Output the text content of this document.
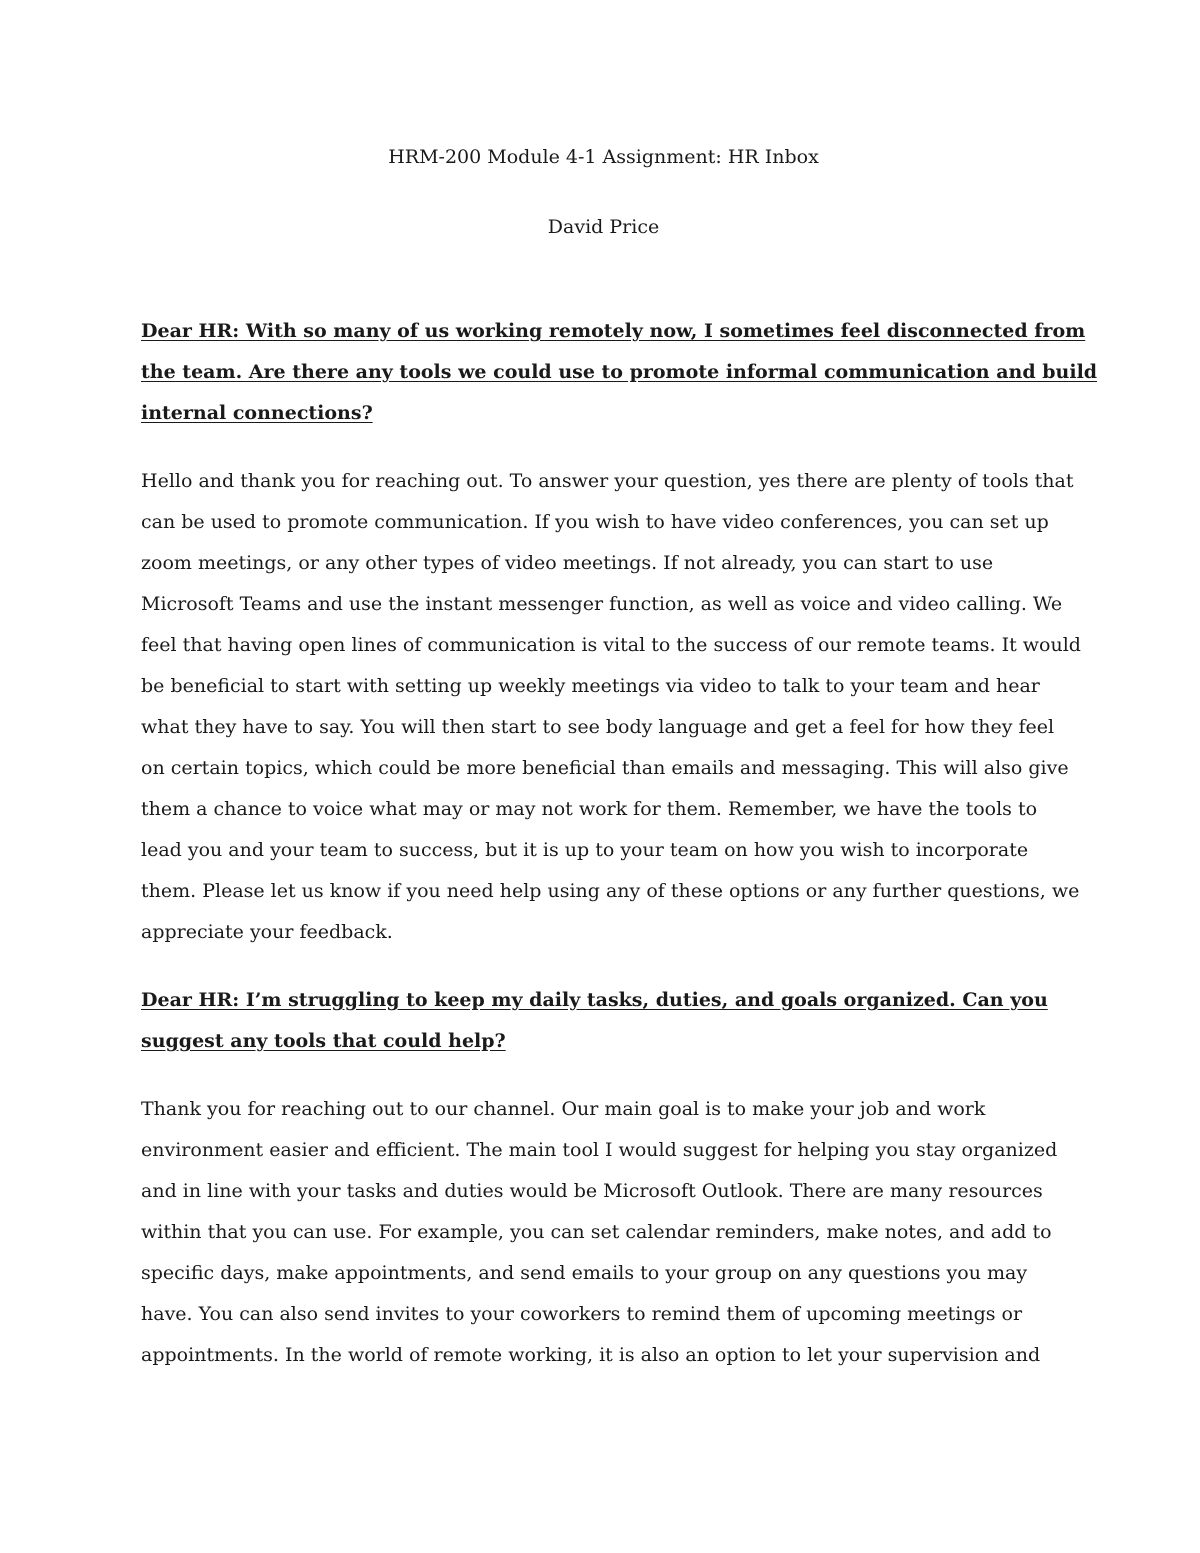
HRM-200 Module 4-1 Assignment: HR Inbox

David Price

Dear HR: With so many of us working remotely now, I sometimes feel disconnected from
the team. Are there any tools we could use to promote informal communication and build
internal connections?

Hello and thank you for reaching out. To answer your question, yes there are plenty of tools that
can be used to promote communication. If you wish to have video conferences, you can set up
zoom meetings, or any other types of video meetings. If not already, you can start to use
Microsoft Teams and use the instant messenger function, as well as voice and video calling. We
feel that having open lines of communication is vital to the success of our remote teams. It would
be beneficial to start with setting up weekly meetings via video to talk to your team and hear
what they have to say. You will then start to see body language and get a feel for how they feel
on certain topics, which could be more beneficial than emails and messaging. This will also give
them a chance to voice what may or may not work for them. Remember, we have the tools to
lead you and your team to success, but it is up to your team on how you wish to incorporate
them. Please let us know if you need help using any of these options or any further questions, we
appreciate your feedback.

Dear HR: I’m struggling to keep my daily tasks, duties, and goals organized. Can you
suggest any tools that could help?

Thank you for reaching out to our channel. Our main goal is to make your job and work
environment easier and efficient. The main tool I would suggest for helping you stay organized
and in line with your tasks and duties would be Microsoft Outlook. There are many resources
within that you can use. For example, you can set calendar reminders, make notes, and add to
specific days, make appointments, and send emails to your group on any questions you may
have. You can also send invites to your coworkers to remind them of upcoming meetings or
appointments. In the world of remote working, it is also an option to let your supervision and
